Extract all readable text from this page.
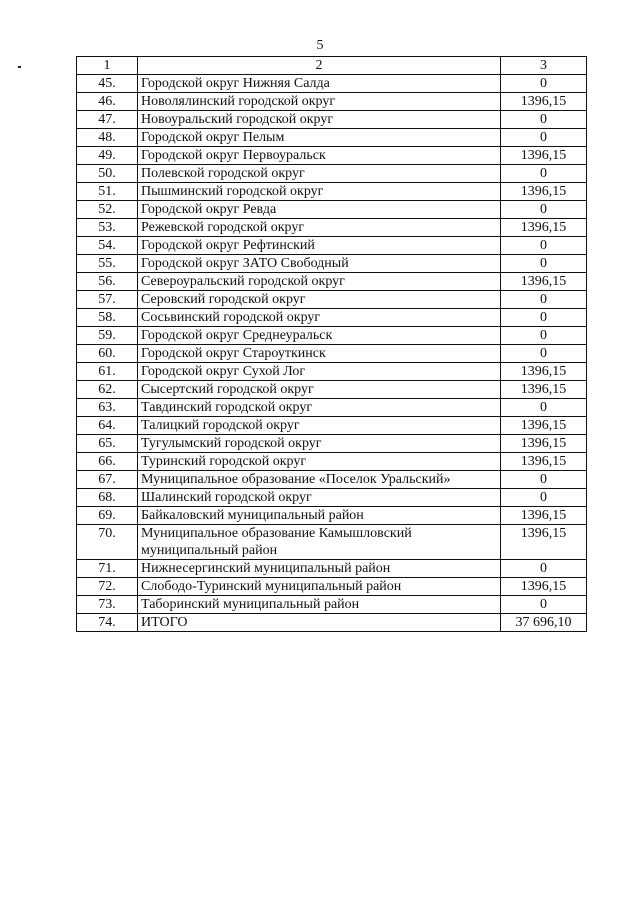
5
1	2	3
45.	Городской округ Нижняя Салда	0
46.	Новолялинский городской округ	1396,15
47.	Новоуральский городской округ	0
48.	Городской округ Пелым	0
49.	Городской округ Первоуральск	1396,15
50.	Полевской городской округ	0
51.	Пышминский городской округ	1396,15
52.	Городской округ Ревда	0
53.	Режевской городской округ	1396,15
54.	Городской округ Рефтинский	0
55.	Городской округ ЗАТО Свободный	0
56.	Североуральский городской округ	1396,15
57.	Серовский городской округ	0
58.	Сосьвинский городской округ	0
59.	Городской округ Среднеуральск	0
60.	Городской округ Староуткинск	0
61.	Городской округ Сухой Лог	1396,15
62.	Сысертский городской округ	1396,15
63.	Тавдинский городской округ	0
64.	Талицкий городской округ	1396,15
65.	Тугулымский городской округ	1396,15
66.	Туринский городской округ	1396,15
67.	Муниципальное образование «Поселок Уральский»	0
68.	Шалинский городской округ	0
69.	Байкаловский муниципальный район	1396,15
70.	Муниципальное образование Камышловский муниципальный район	1396,15
71.	Нижнесергинский муниципальный район	0
72.	Слободо-Туринский муниципальный район	1396,15
73.	Таборинский муниципальный район	0
74.	ИТОГО	37 696,10
